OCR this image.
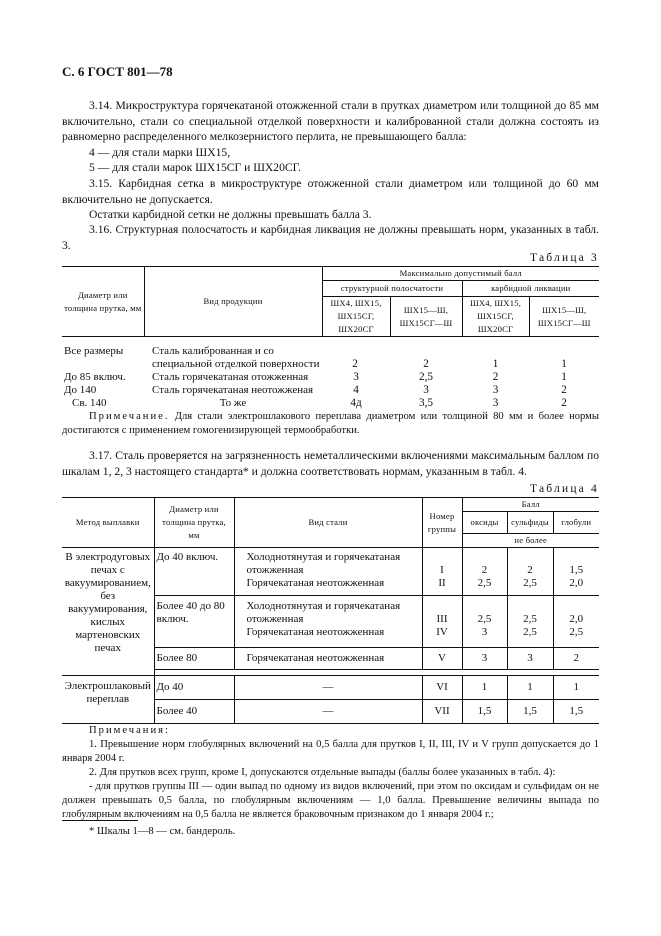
С. 6 ГОСТ 801—78
3.14. Микроструктура горячекатаной отожженной стали в прутках диаметром или толщиной до 85 мм включительно, стали со специальной отделкой поверхности и калиброванной стали должна состоять из равномерно распределенного мелкозернистого перлита, не превышающего балла:
4 — для стали марки ШХ15,
5 — для стали марок ШХ15СГ и ШХ20СГ.
3.15. Карбидная сетка в микроструктуре отожженной стали диаметром или толщиной до 60 мм включительно не допускается.
Остатки карбидной сетки не должны превышать балла 3.
3.16. Структурная полосчатость и карбидная ликвация не должны превышать норм, указанных в табл. 3.
Таблица 3
Диаметр или толщина прутка, мм	Вид продукции	Максимально допустимый балл			
		структурной полосчатости		карбидной ликвации	
		ШХ4, ШХ15, ШХ15СГ, ШХ20СГ	ШХ15—Ш, ШХ15СГ—Ш	ШХ4, ШХ15, ШХ15СГ, ШХ20СГ	ШХ15—Ш, ШХ15СГ—Ш

Все размеры	Сталь калиброванная и со специальной отделкой поверхности	2	2	1	1
До 85 включ.	Сталь горячекатаная отожженная	3	2,5	2	1
До 140	Сталь горячекатаная неотожженая	4	3	3	2
Св. 140	То же	4д	3,5	3	2
Примечание. Для стали электрошлакового переплава диаметром или толщиной 80 мм и более нормы достигаются с применением гомогенизирующей термообработки.
3.17. Сталь проверяется на загрязненность неметаллическими включениями максимальным баллом по шкалам 1, 2, 3 настоящего стандарта* и должна соответствовать нормам, указанным в табл. 4.
Таблица 4
Метод выплавки	Диаметр или толщина прутка, мм	Вид стали	Номер группы	Балл		
				оксиды	сульфиды	глобули
				не более		
В электродуговых печах с вакуумированием, без вакуумирования, кислых мартеновских печах	До 40 включ.	Холоднотянутая и горячекатаная отожженная	I	2	2	1,5
		Горячекатаная неотожженная	II	2,5	2,5	2,0
	Более 40 до 80 включ.	Холоднотянутая и горячекатаная отожженная	III	2,5	2,5	2,0
		Горячекатаная неотожженная	IV	3	2,5	2,5
	Более 80	Горячекатаная неотожженная	V	3	3	2

Электрошлаковый переплав	До 40	—	VI	1	1	1
	Более 40	—	VII	1,5	1,5	1,5
Примечания:
1. Превышение норм глобулярных включений на 0,5 балла для прутков I, II, III, IV и V групп допускается до 1 января 2004 г.
2. Для прутков всех групп, кроме I, допускаются отдельные выпады (баллы более указанных в табл. 4):
- для прутков группы III — один выпад по одному из видов включений, при этом по оксидам и сульфидам он не должен превышать 0,5 балла, по глобулярным включениям — 1,0 балла. Превышение величины выпада по глобулярным включениям на 0,5 балла не является браковочным признаком до 1 января 2004 г.;
* Шкалы 1—8 — см. бандероль.
